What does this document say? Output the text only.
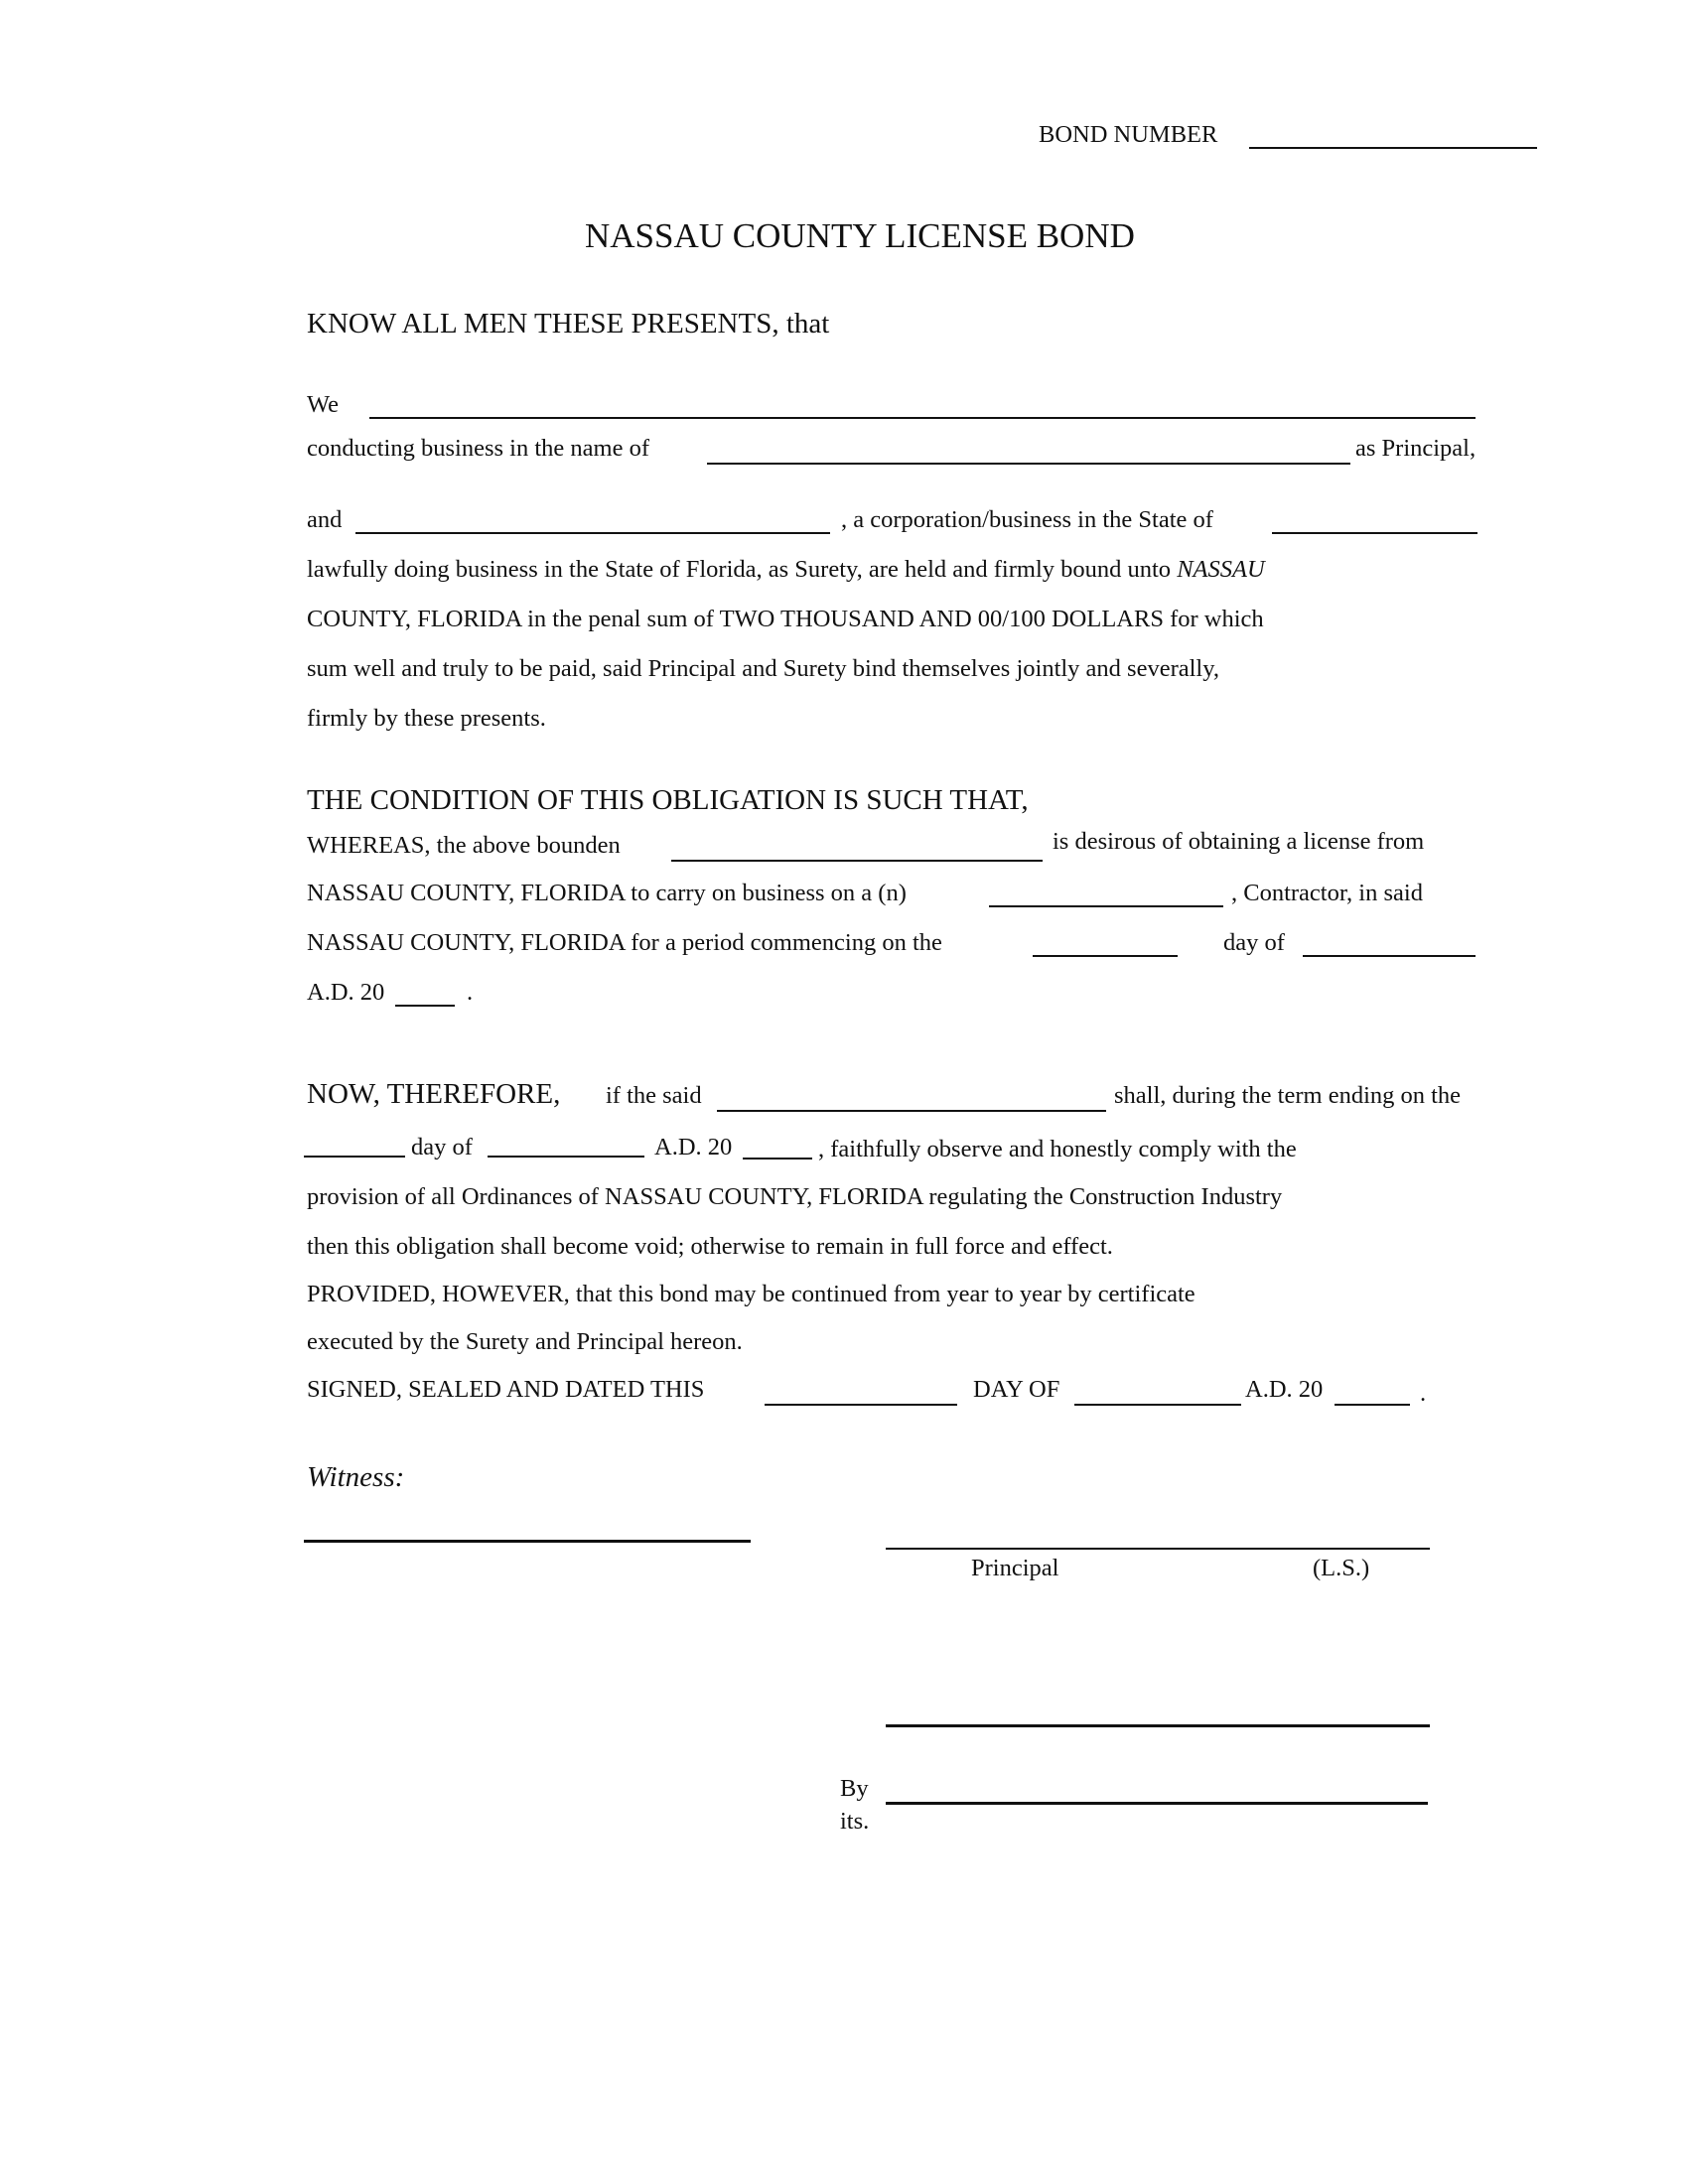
BOND NUMBER
NASSAU COUNTY LICENSE BOND
KNOW ALL MEN THESE PRESENTS, that
We
conducting business in the name of	as Principal,
and	, a corporation/business in the State of
lawfully doing business in the State of Florida, as Surety, are held and firmly bound unto NASSAU
COUNTY, FLORIDA in the penal sum of TWO THOUSAND AND 00/100 DOLLARS for which
sum well and truly to be paid, said Principal and Surety bind themselves jointly and severally,
firmly by these presents.
THE CONDITION OF THIS OBLIGATION IS SUCH THAT,
WHEREAS, the above bounden	is desirous of obtaining a license from
NASSAU COUNTY, FLORIDA to carry on business on a (n)	, Contractor, in said
NASSAU COUNTY, FLORIDA for a period commencing on the	day of
A.D. 20	.
NOW, THEREFORE, if the said	shall, during the term ending on the
day of	A.D. 20	, faithfully observe and honestly comply with the
provision of all Ordinances of NASSAU COUNTY, FLORIDA regulating the Construction Industry
then this obligation shall become void; otherwise to remain in full force and effect.
PROVIDED, HOWEVER, that this bond may be continued from year to year by certificate
executed by the Surety and Principal hereon.
SIGNED, SEALED AND DATED THIS	DAY OF	A.D. 20	.
Witness:
Principal	(L.S.)
By
its.
